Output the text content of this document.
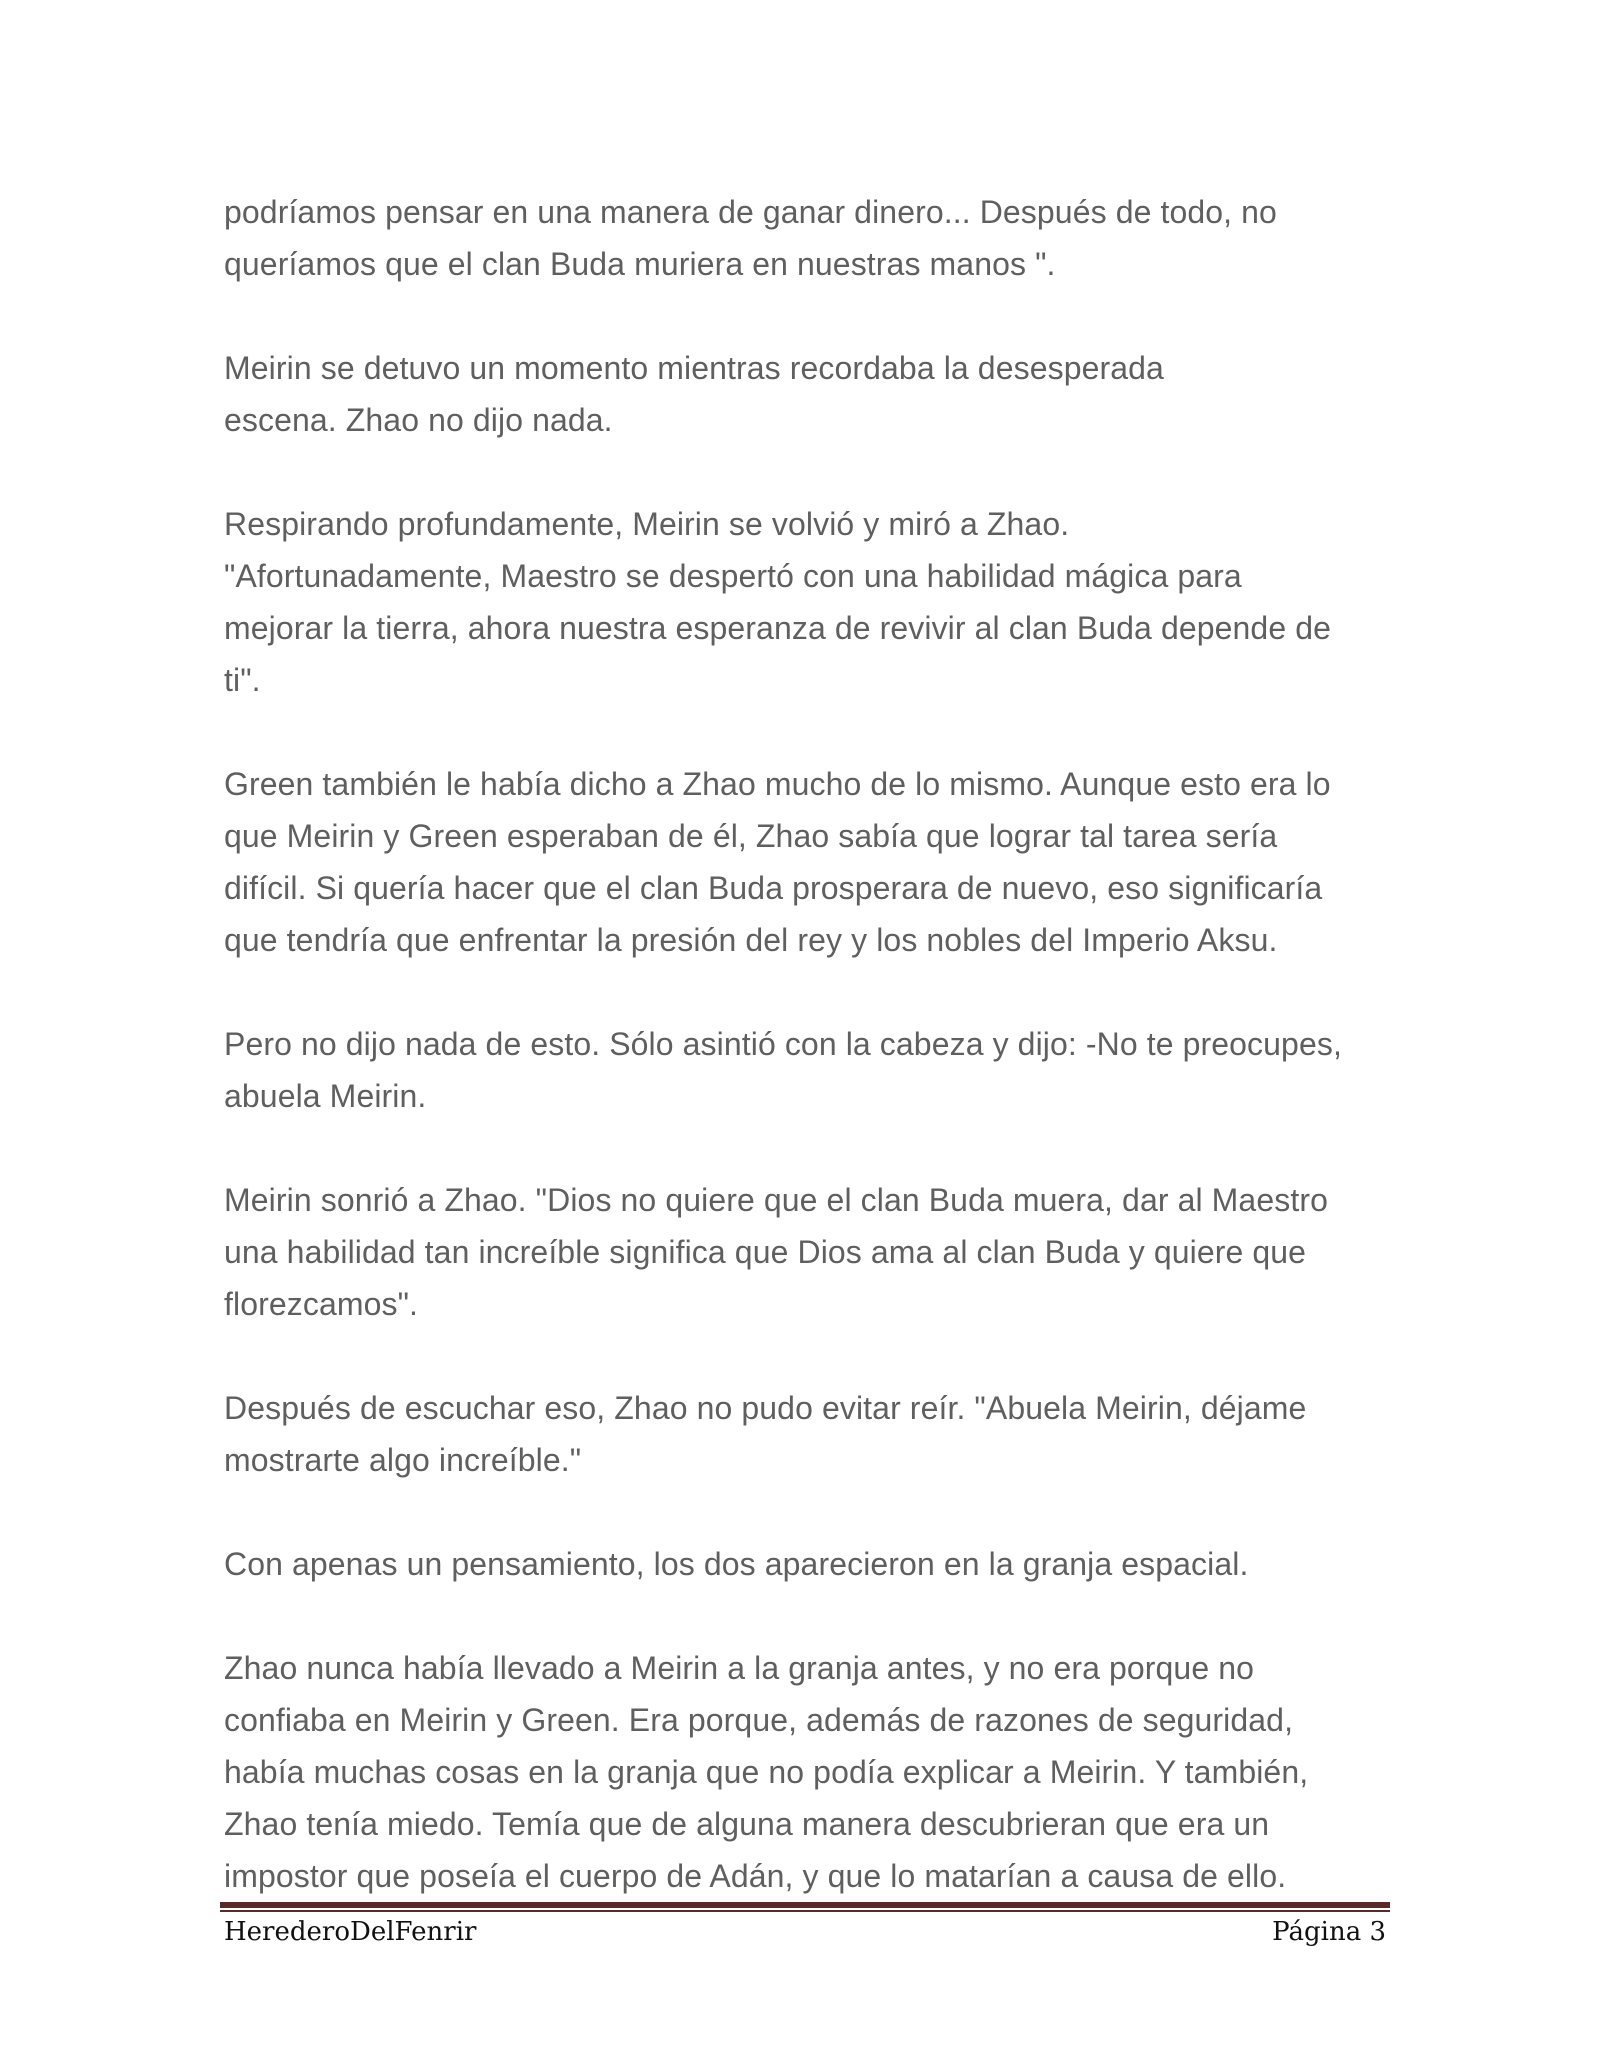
podríamos pensar en una manera de ganar dinero... Después de todo, no
queríamos que el clan Buda muriera en nuestras manos ".

Meirin se detuvo un momento mientras recordaba la desesperada
escena. Zhao no dijo nada.

Respirando profundamente, Meirin se volvió y miró a Zhao.
"Afortunadamente, Maestro se despertó con una habilidad mágica para
mejorar la tierra, ahora nuestra esperanza de revivir al clan Buda depende de
ti".

Green también le había dicho a Zhao mucho de lo mismo. Aunque esto era lo
que Meirin y Green esperaban de él, Zhao sabía que lograr tal tarea sería
difícil. Si quería hacer que el clan Buda prosperara de nuevo, eso significaría
que tendría que enfrentar la presión del rey y los nobles del Imperio Aksu.

Pero no dijo nada de esto. Sólo asintió con la cabeza y dijo: -No te preocupes,
abuela Meirin.

Meirin sonrió a Zhao. "Dios no quiere que el clan Buda muera, dar al Maestro
una habilidad tan increíble significa que Dios ama al clan Buda y quiere que
florezcamos".

Después de escuchar eso, Zhao no pudo evitar reír. "Abuela Meirin, déjame
mostrarte algo increíble."

Con apenas un pensamiento, los dos aparecieron en la granja espacial.

Zhao nunca había llevado a Meirin a la granja antes, y no era porque no
confiaba en Meirin y Green. Era porque, además de razones de seguridad,
había muchas cosas en la granja que no podía explicar a Meirin. Y también,
Zhao tenía miedo. Temía que de alguna manera descubrieran que era un
impostor que poseía el cuerpo de Adán, y que lo matarían a causa de ello.

HerederoDelFenrir	Página 3
